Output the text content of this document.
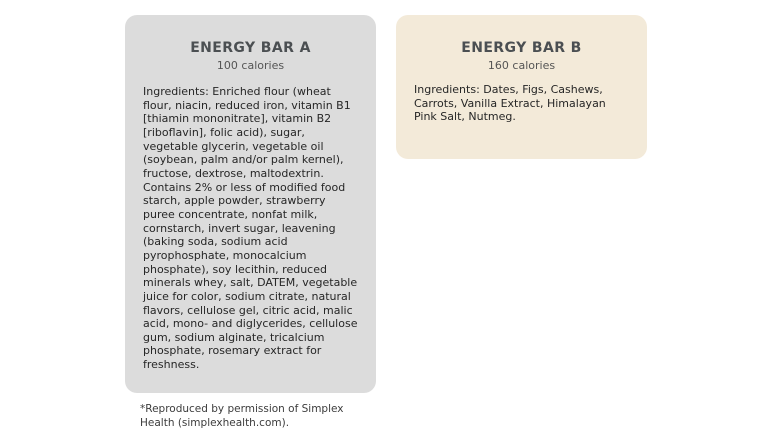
ENERGY BAR A
100 calories
Ingredients: Enriched flour (wheat flour, niacin, reduced iron, vitamin B1 [thiamin mononitrate], vitamin B2 [riboflavin], folic acid), sugar, vegetable glycerin, vegetable oil (soybean, palm and/or palm kernel), fructose, dextrose, maltodextrin. Contains 2% or less of modified food starch, apple powder, strawberry puree concentrate, nonfat milk, cornstarch, invert sugar, leavening (baking soda, sodium acid pyrophosphate, monocalcium phosphate), soy lecithin, reduced minerals whey, salt, DATEM, vegetable juice for color, sodium citrate, natural flavors, cellulose gel, citric acid, malic acid, mono- and diglycerides, cellulose gum, sodium alginate, tricalcium phosphate, rosemary extract for freshness.
ENERGY BAR B
160 calories
Ingredients: Dates, Figs, Cashews, Carrots, Vanilla Extract, Himalayan Pink Salt, Nutmeg.
*Reproduced by permission of Simplex Health (simplexhealth.com).
